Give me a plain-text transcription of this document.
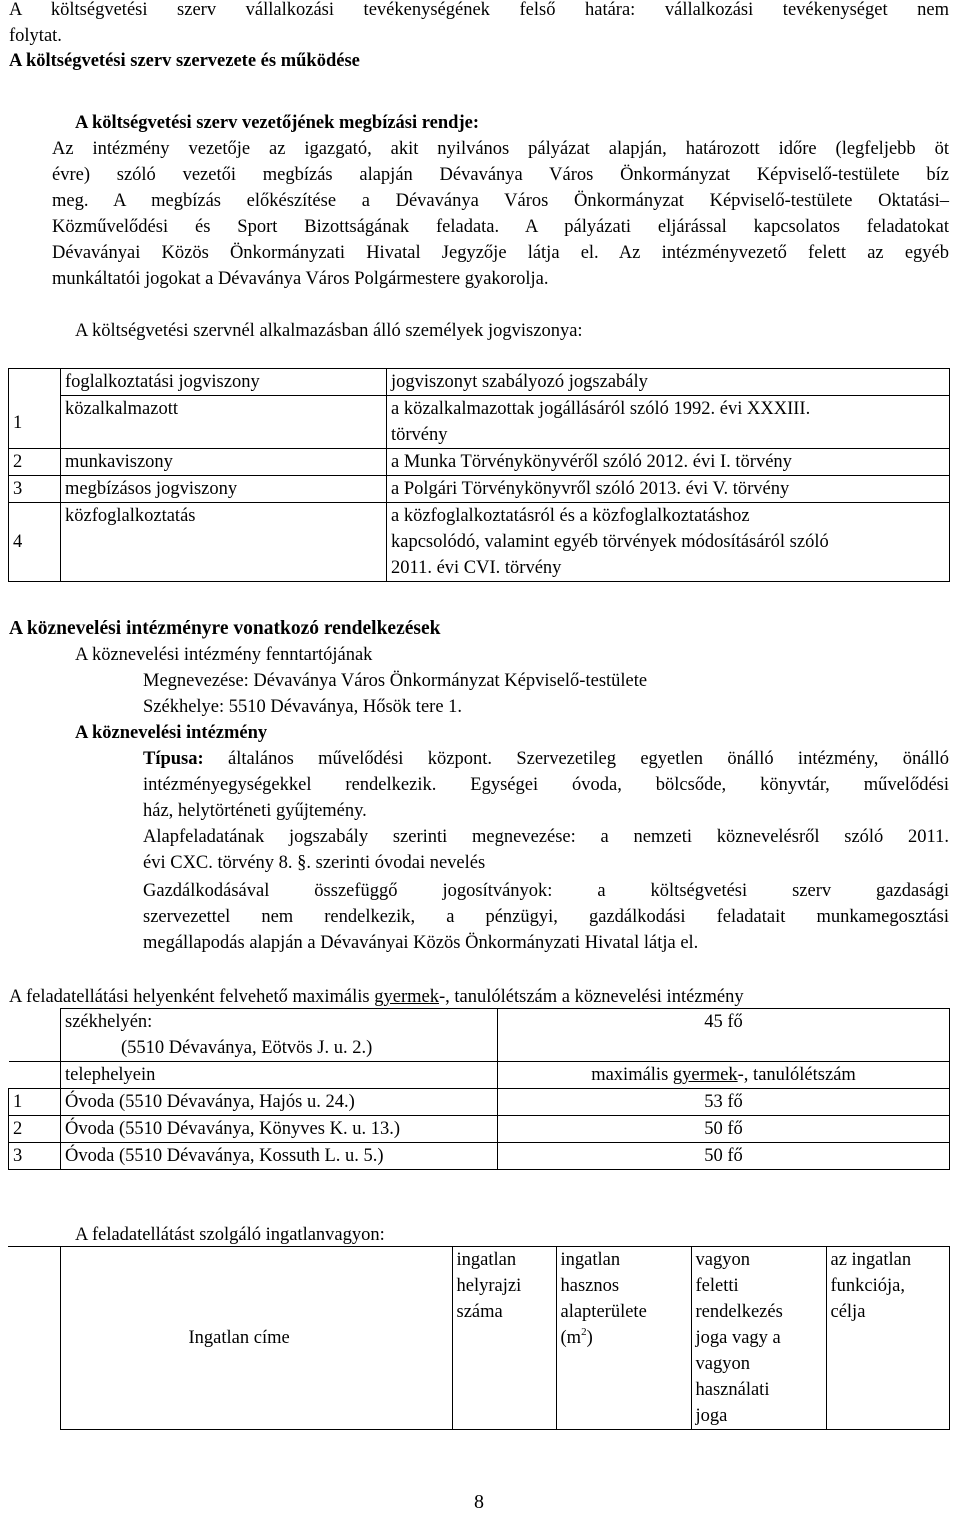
A költségvetési szerv vállalkozási tevékenységének felső határa: vállalkozási tevékenységet nem
folytat.
A költségvetési szerv szervezete és működése
A költségvetési szerv vezetőjének megbízási rendje:
Az intézmény vezetője az igazgató, akit nyilvános pályázat alapján, határozott időre (legfeljebb öt
évre) szóló vezetői megbízás alapján Dévaványa Város Önkormányzat Képviselő-testülete bíz
meg. A megbízás előkészítése a Dévaványa Város Önkormányzat Képviselő-testülete Oktatási–
Közművelődési és Sport Bizottságának feladata. A pályázati eljárással kapcsolatos feladatokat
Dévaványai Közös Önkormányzati Hivatal Jegyzője látja el. Az intézményvezető felett az egyéb
munkáltatói jogokat a Dévaványa Város Polgármestere gyakorolja.
A költségvetési szervnél alkalmazásban álló személyek jogviszonya:
1	foglalkoztatási jogviszony	jogviszonyt szabályozó jogszabály
	közalkalmazott	a közalkalmazottak jogállásáról szóló 1992. évi XXXIII.
törvény

2	munkaviszony	a Munka Törvénykönyvéről szóló 2012. évi I. törvény
3	megbízásos jogviszony	a Polgári Törvénykönyvről szóló 2013. évi V. törvény
4	közfoglalkoztatás	a közfoglalkoztatásról és a közfoglalkoztatáshoz
kapcsolódó, valamint egyéb törvények módosításáról szóló
2011. évi CVI. törvény
A köznevelési intézményre vonatkozó rendelkezések
A köznevelési intézmény fenntartójának
Megnevezése: Dévaványa Város Önkormányzat Képviselő-testülete
Székhelye: 5510 Dévaványa, Hősök tere 1.
A köznevelési intézmény
Típusa: általános művelődési központ. Szervezetileg egyetlen önálló intézmény, önálló
intézményegységekkel rendelkezik. Egységei óvoda, bölcsőde, könyvtár, művelődési
ház, helytörténeti gyűjtemény.
Alapfeladatának jogszabály szerinti megnevezése: a nemzeti köznevelésről szóló 2011.
évi CXC. törvény 8. §. szerinti óvodai nevelés
Gazdálkodásával összefüggő jogosítványok: a költségvetési szerv gazdasági
szervezettel nem rendelkezik, a pénzügyi, gazdálkodási feladatait munkamegosztási
megállapodás alapján a Dévaványai Közös Önkormányzati Hivatal látja el.
A feladatellátási helyenként felvehető maximális gyermek-, tanulólétszám a köznevelési intézmény

	székhelyén:
(5510 Dévaványa, Eötvös J. u. 2.)	45 fő
	telephelyein	maximális gyermek-, tanulólétszám
1	Óvoda (5510 Dévaványa, Hajós u. 24.)	53 fő
2	Óvoda (5510 Dévaványa, Könyves K. u. 13.)	50 fő
3	Óvoda (5510 Dévaványa, Kossuth L. u. 5.)	50 fő
A feladatellátást szolgáló ingatlanvagyon:
	Ingatlan címe	
ingatlan
helyrajzi
száma

ingatlan
hasznos
alapterülete
$(m^2)$

vagyon
feletti
rendelkezés
joga vagy a
vagyon
használati
joga

az ingatlan
funkciója,
célja
8
